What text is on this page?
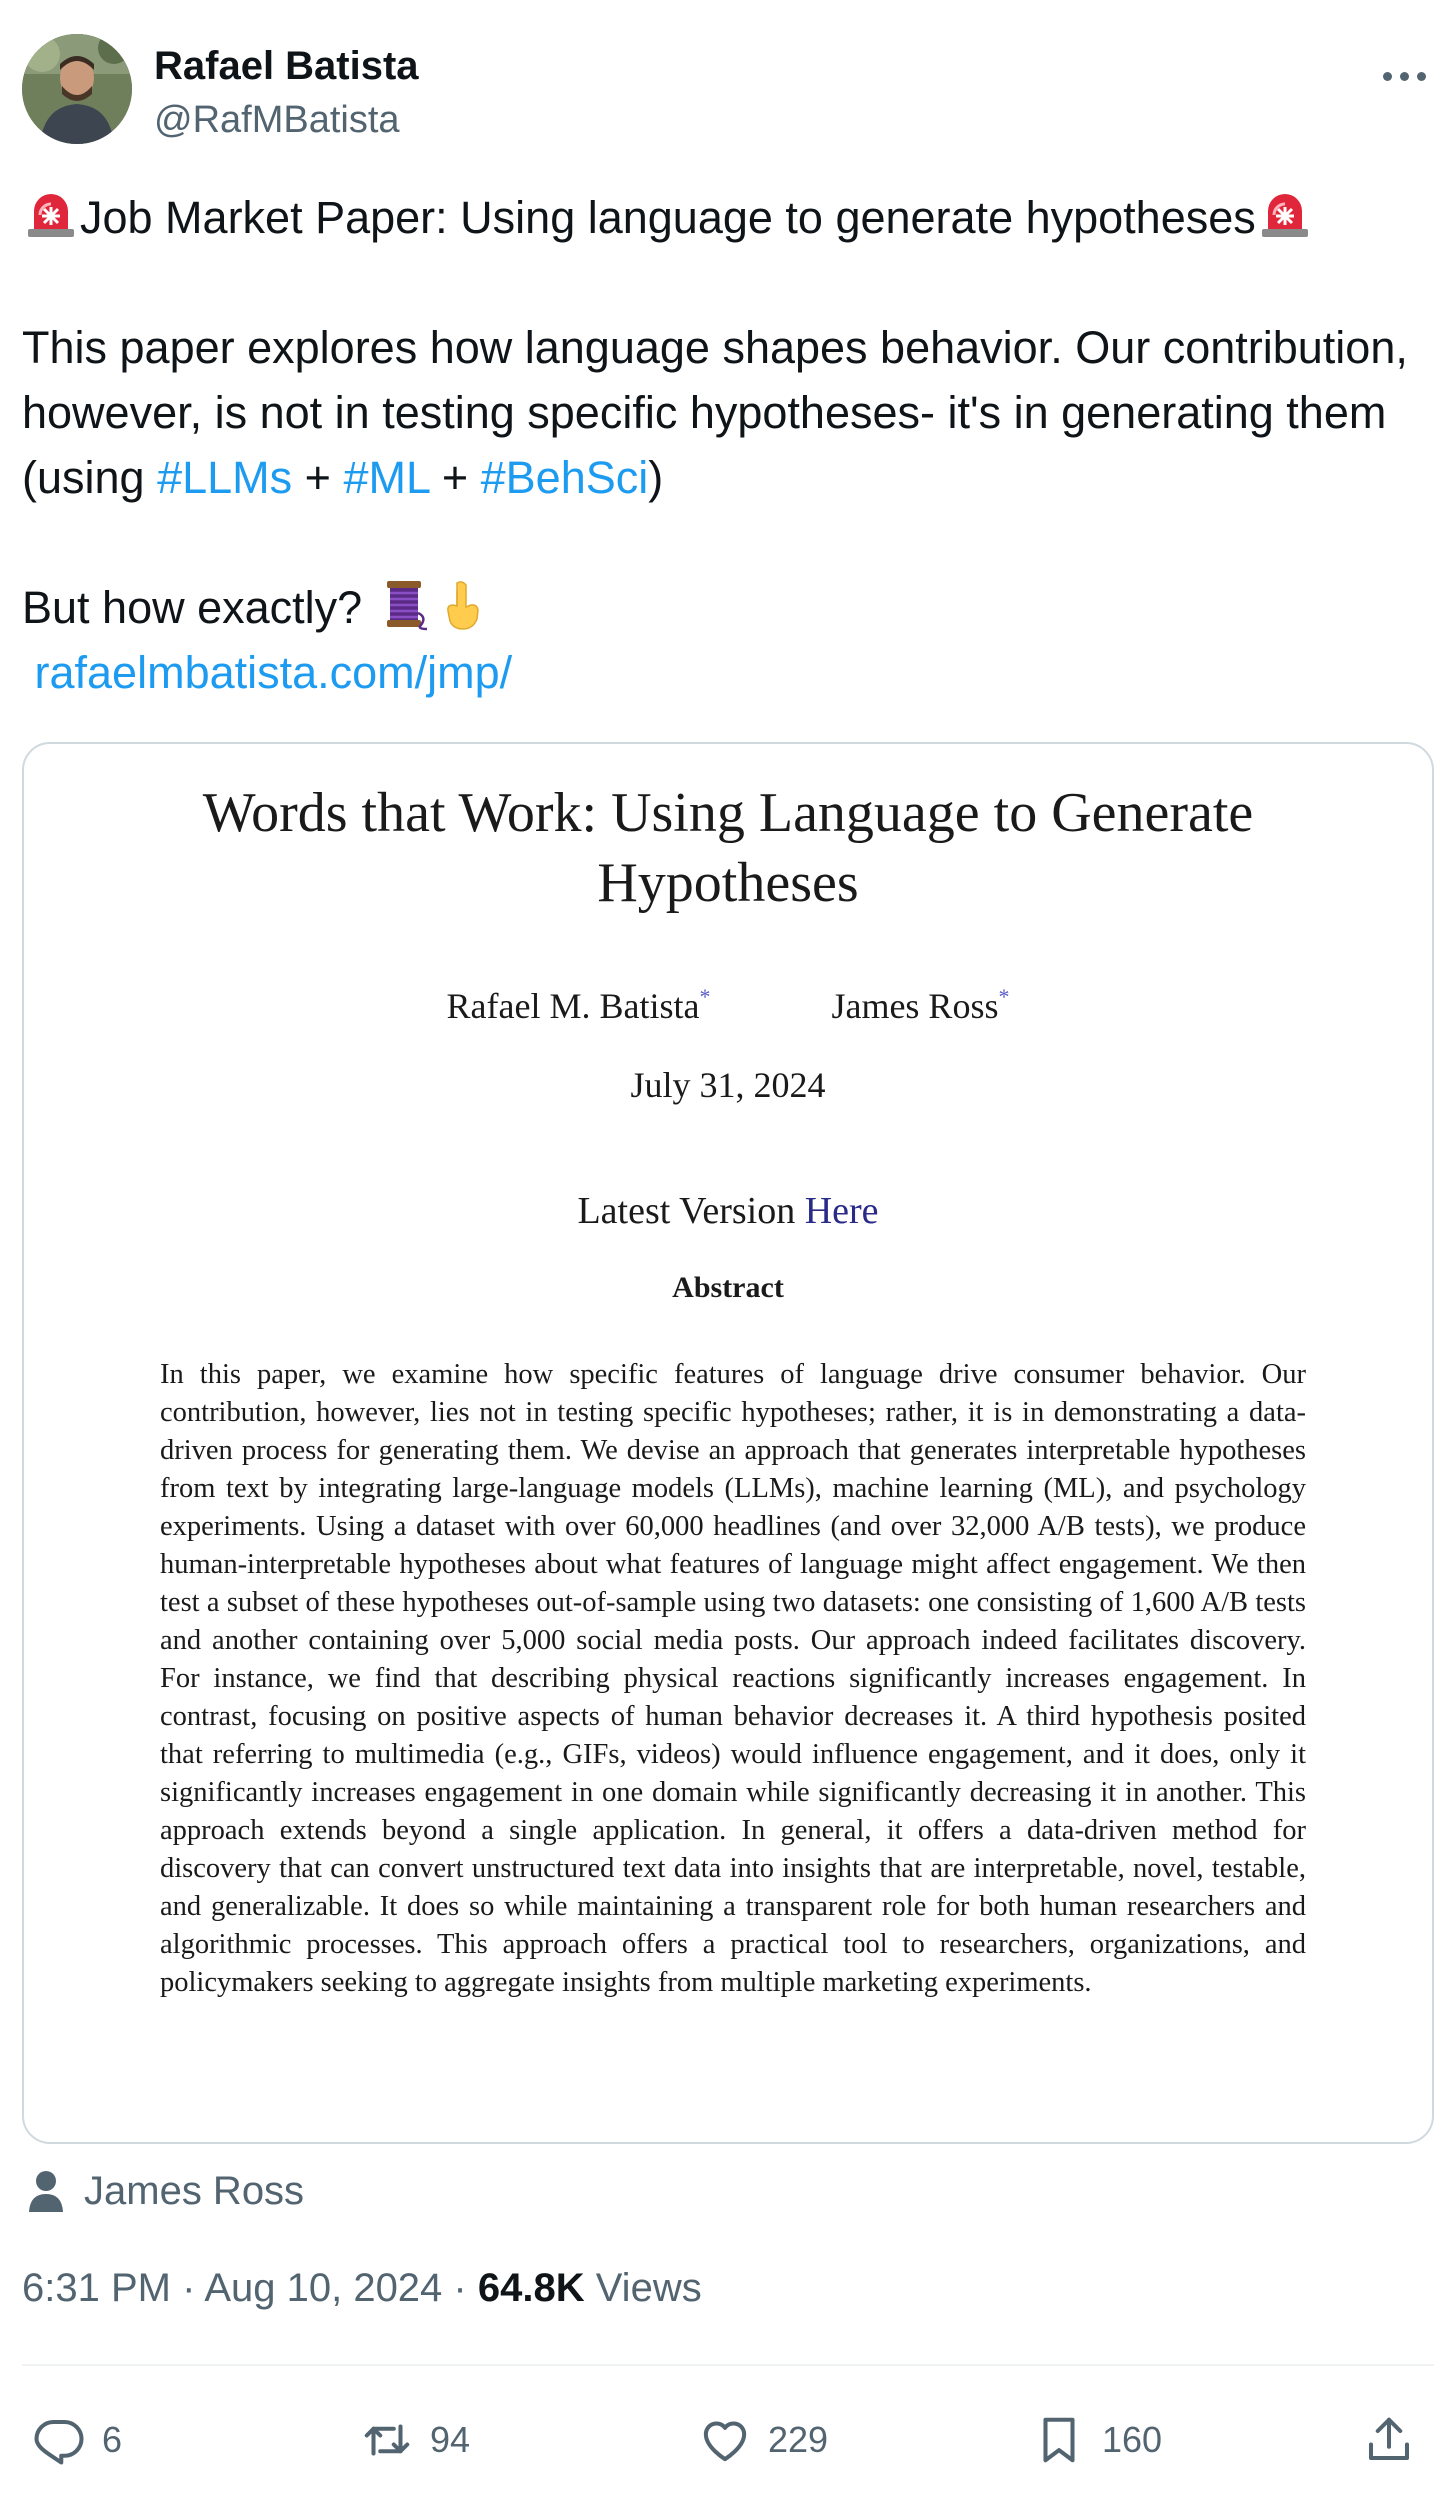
Rafael Batista
@RafMBatista

Job Market Paper: Using language to generate hypotheses

This paper explores how language shapes behavior. Our contribution, however, is not in testing specific hypotheses- it's in generating them (using #LLMs + #ML + #BehSci)

But how exactly?

rafaelmbatista.com/jmp/

Words that Work: Using Language to Generate Hypotheses
Rafael M. Batista*	James Ross*
July 31, 2024
Latest Version Here
Abstract
In this paper, we examine how specific features of language drive consumer behavior. Our contribution, however, lies not in testing specific hypotheses; rather, it is in demonstrating a data-driven process for generating them. We devise an approach that generates interpretable hypotheses from text by integrating large-language models (LLMs), machine learning (ML), and psychology experiments. Using a dataset with over 60,000 headlines (and over 32,000 A/B tests), we produce human-interpretable hypotheses about what features of language might affect engagement. We then test a subset of these hypotheses out-of-sample using two datasets: one consisting of 1,600 A/B tests and another containing over 5,000 social media posts. Our approach indeed facilitates discovery. For instance, we find that describing physical reactions significantly increases engagement. In contrast, focusing on positive aspects of human behavior decreases it. A third hypothesis posited that referring to multimedia (e.g., GIFs, videos) would influence engagement, and it does, only it significantly increases engagement in one domain while significantly decreasing it in another. This approach extends beyond a single application. In general, it offers a data-driven method for discovery that can convert unstructured text data into insights that are interpretable, novel, testable, and generalizable. It does so while maintaining a transparent role for both human researchers and algorithmic processes. This approach offers a practical tool to researchers, organizations, and policymakers seeking to aggregate insights from multiple marketing experiments.
James Ross
6:31 PM · Aug 10, 2024 · 64.8K Views
6	94	229	160
